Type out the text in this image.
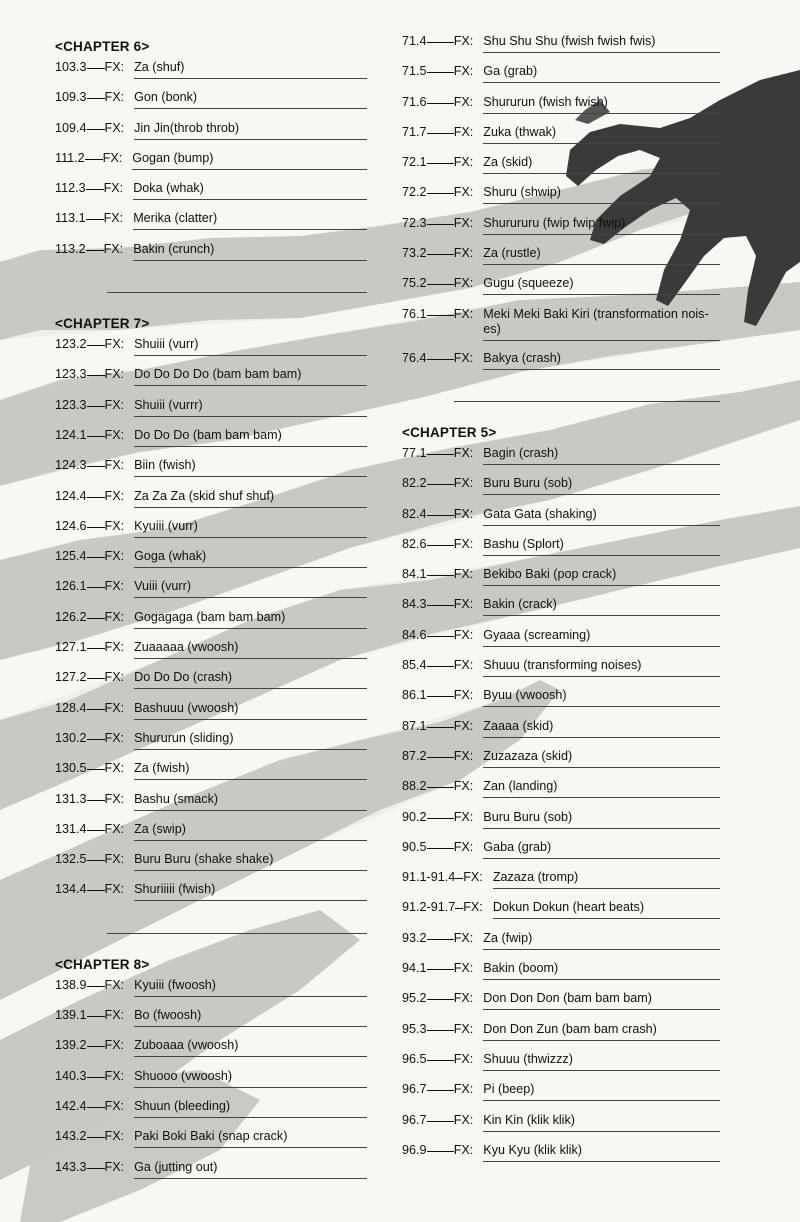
<CHAPTER 6>
103.3 FX: Za (shuf)
109.3 FX: Gon (bonk)
109.4 FX: Jin Jin(throb throb)
111.2 FX: Gogan (bump)
112.3 FX: Doka (whak)
113.1 FX: Merika (clatter)
113.2 FX: Bakin (crunch)
<CHAPTER 7>
123.2 FX: Shuiii (vurr)
123.3 FX: Do Do Do Do (bam bam bam)
123.3 FX: Shuiii (vurrr)
124.1 FX: Do Do Do (bam bam bam)
124.3 FX: Biin (fwish)
124.4 FX: Za Za Za (skid shuf shuf)
124.6 FX: Kyuiii (vurr)
125.4 FX: Goga (whak)
126.1 FX: Vuiii (vurr)
126.2 FX: Gogagaga (bam bam bam)
127.1 FX: Zuaaaaa (vwoosh)
127.2 FX: Do Do Do (crash)
128.4 FX: Bashuuu (vwoosh)
130.2 FX: Shururun (sliding)
130.5 FX: Za (fwish)
131.3 FX: Bashu (smack)
131.4 FX: Za (swip)
132.5 FX: Buru Buru (shake shake)
134.4 FX: Shuriiiii (fwish)
<CHAPTER 8>
138.9 FX: Kyuiii (fwoosh)
139.1 FX: Bo (fwoosh)
139.2 FX: Zuboaaa (vwoosh)
140.3 FX: Shuooo (vwoosh)
142.4 FX: Shuun (bleeding)
143.2 FX: Paki Boki Baki (snap crack)
143.3 FX: Ga (jutting out)
71.4 FX: Shu Shu Shu (fwish fwish fwis)
71.5 FX: Ga (grab)
71.6 FX: Shururun (fwish fwish)
71.7 FX: Zuka (thwak)
72.1 FX: Za (skid)
72.2 FX: Shuru (shwip)
72.3 FX: Shurururu (fwip fwip fwip)
73.2 FX: Za (rustle)
75.2 FX: Gugu (squeeze)
76.1 FX: Meki Meki Baki Kiri (transformation nois-es)
76.4 FX: Bakya (crash)
<CHAPTER 5>
77.1 FX: Bagin (crash)
82.2 FX: Buru Buru (sob)
82.4 FX: Gata Gata (shaking)
82.6 FX: Bashu (Splort)
84.1 FX: Bekibo Baki (pop crack)
84.3 FX: Bakin (crack)
84.6 FX: Gyaaa (screaming)
85.4 FX: Shuuu (transforming noises)
86.1 FX: Byuu (vwoosh)
87.1 FX: Zaaaa (skid)
87.2 FX: Zuzazaza (skid)
88.2 FX: Zan (landing)
90.2 FX: Buru Buru (sob)
90.5 FX: Gaba (grab)
91.1-91.4 FX: Zazaza (tromp)
91.2-91.7 FX: Dokun Dokun (heart beats)
93.2 FX: Za (fwip)
94.1 FX: Bakin (boom)
95.2 FX: Don Don Don (bam bam bam)
95.3 FX: Don Don Zun (bam bam crash)
96.5 FX: Shuuu (thwizzz)
96.7 FX: Pi (beep)
96.7 FX: Kin Kin (klik klik)
96.9 FX: Kyu Kyu (klik klik)
